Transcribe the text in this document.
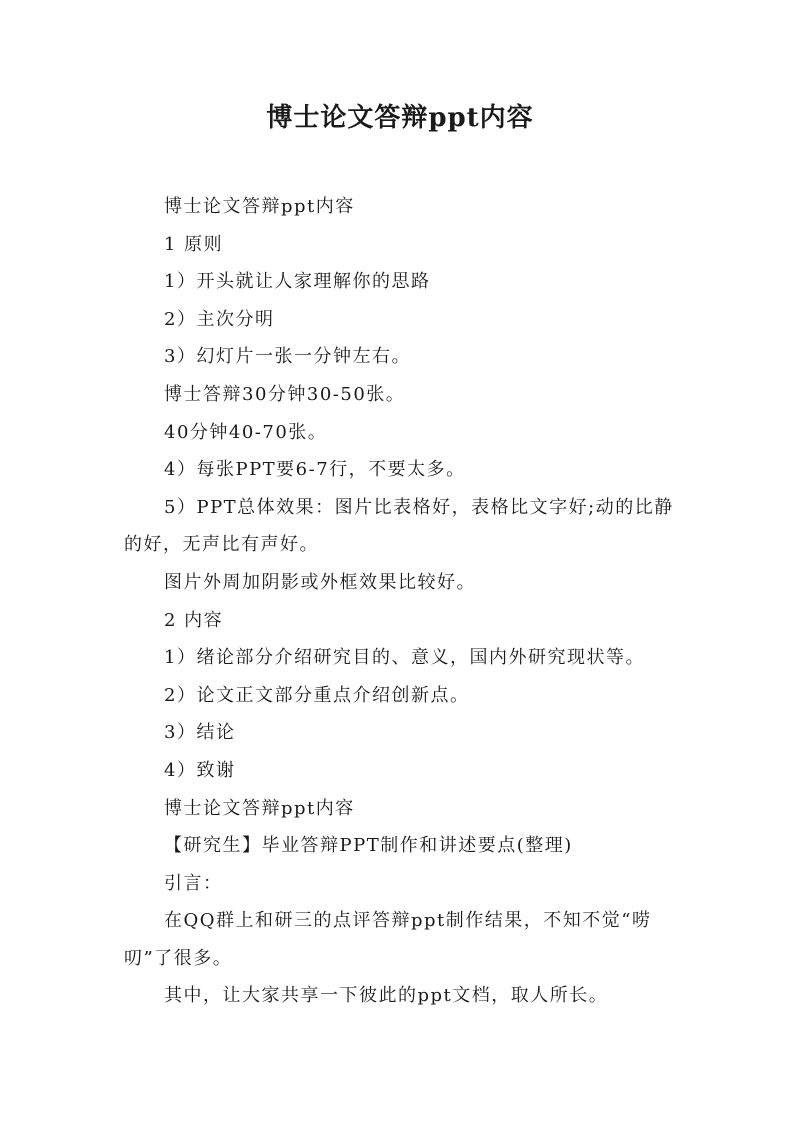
博士论文答辩ppt内容

博士论文答辩ppt内容

1 原则

1）开头就让人家理解你的思路

2）主次分明

3）幻灯片一张一分钟左右。

博士答辩30分钟30-50张。

40分钟40-70张。

4）每张PPT要6-7行，不要太多。

5）PPT总体效果：图片比表格好，表格比文字好;动的比静 的好，无声比有声好。

图片外周加阴影或外框效果比较好。

2 内容

1）绪论部分介绍研究目的、意义，国内外研究现状等。

2）论文正文部分重点介绍创新点。

3）结论

4）致谢

博士论文答辩ppt内容

【研究生】毕业答辩PPT制作和讲述要点(整理)

引言：

在QQ群上和研三的点评答辩ppt制作结果，不知不觉“唠叨”了很多。

其中，让大家共享一下彼此的ppt文档，取人所长。
